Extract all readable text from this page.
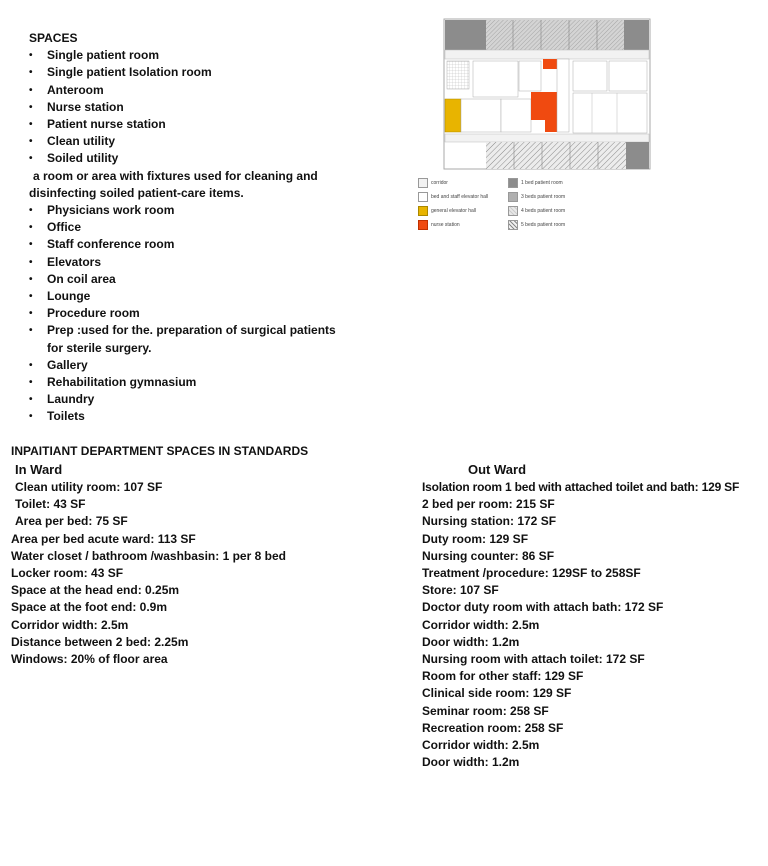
SPACES
• Single patient room
• Single patient Isolation room
• Anteroom
• Nurse station
• Patient nurse station
• Clean utility
• Soiled utility
a room or area with fixtures used for cleaning and
disinfecting soiled patient-care items.
• Physicians work room
• Office
• Staff conference room
• Elevators
• On coil area
• Lounge
• Procedure room
• Prep :used for the. preparation of surgical patients
for sterile surgery.
• Gallery
• Rehabilitation gymnasium
• Laundry
• Toilets
corridor
bed and staff elevator hall
general elevator hall
nurse station
1 bed patient room
3 beds patient room
4 beds patient room
5 beds patient room
INPAITIANT DEPARTMENT SPACES IN STANDARDS
In Ward
Clean utility room: 107 SF
Toilet: 43 SF
Area per bed: 75 SF
Area per bed acute ward: 113 SF
Water closet / bathroom /washbasin: 1 per 8 bed
Locker room: 43 SF
Space at the head end: 0.25m
Space at the foot end: 0.9m
Corridor width: 2.5m
Distance between 2 bed: 2.25m
Windows: 20% of floor area
Out Ward
Isolation room 1 bed with attached toilet and bath: 129 SF
2 bed per room: 215 SF
Nursing station: 172 SF
Duty room: 129 SF
Nursing counter: 86 SF
Treatment /procedure: 129SF to 258SF
Store: 107 SF
Doctor duty room with attach bath: 172 SF
Corridor width: 2.5m
Door width: 1.2m
Nursing room with attach toilet: 172 SF
Room for other staff: 129 SF
Clinical side room: 129 SF
Seminar room: 258 SF
Recreation room: 258 SF
Corridor width: 2.5m
Door width: 1.2m
